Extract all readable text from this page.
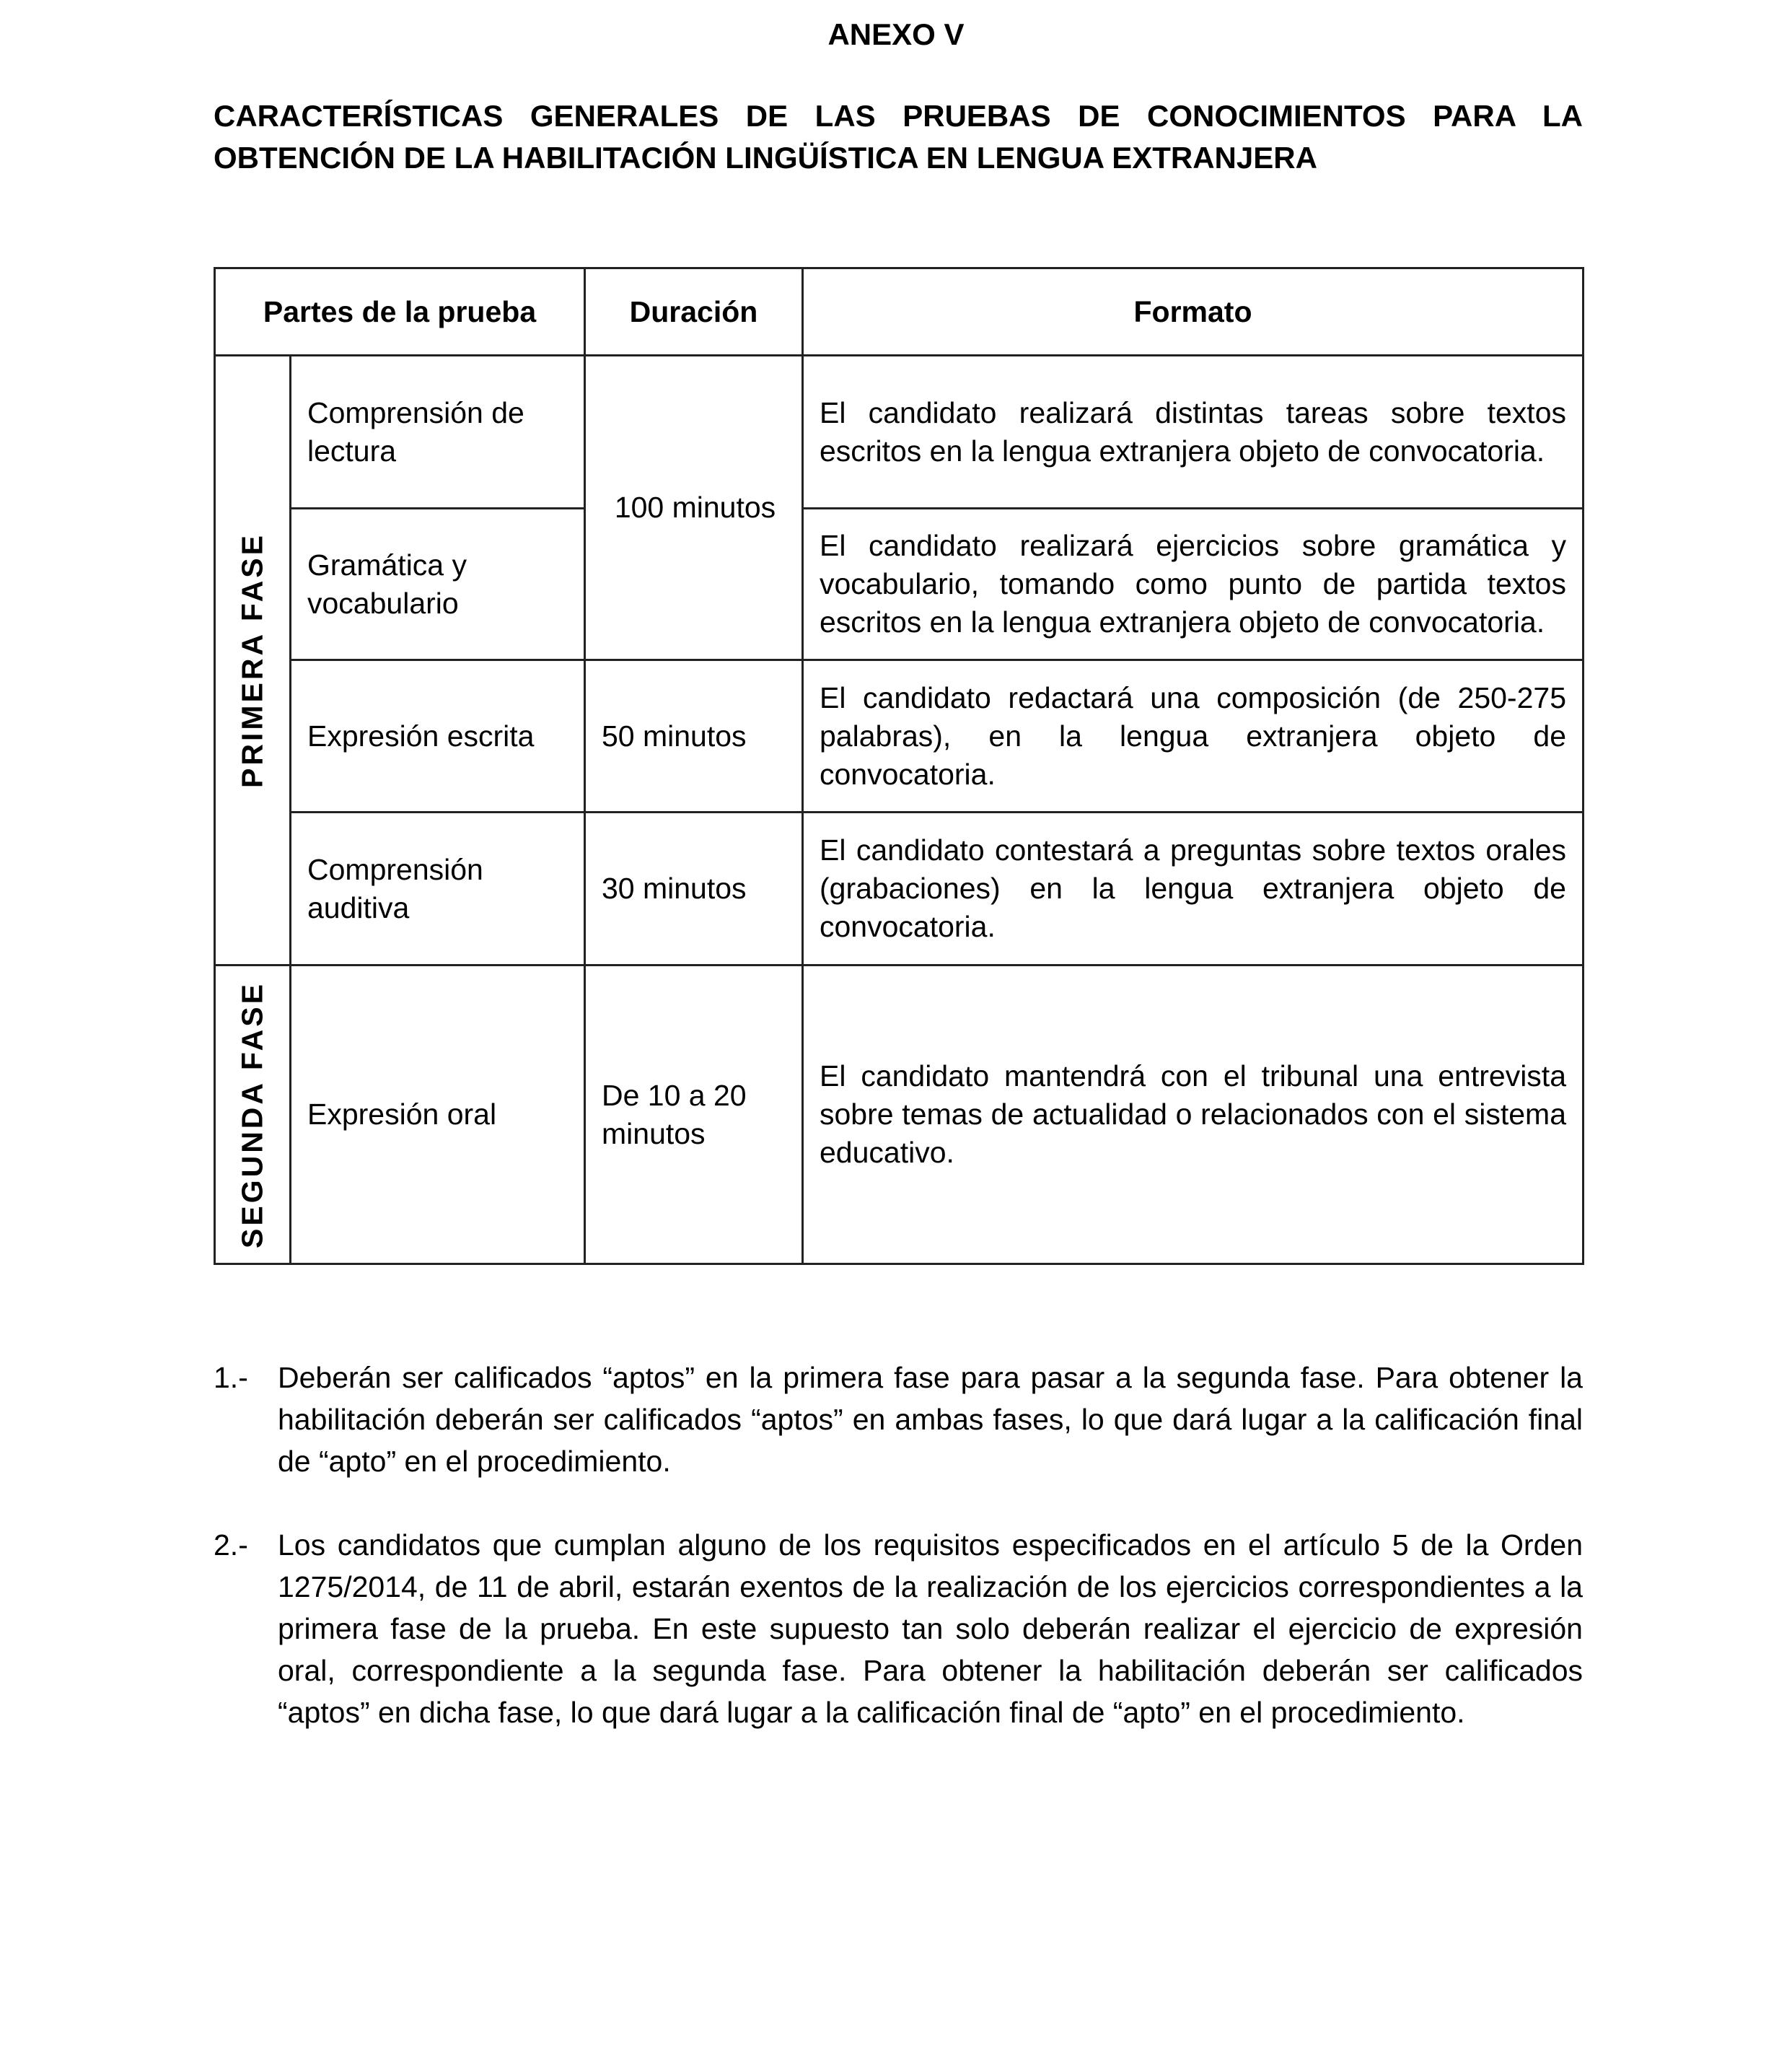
ANEXO V
CARACTERÍSTICAS GENERALES DE LAS PRUEBAS DE CONOCIMIENTOS PARA LA
OBTENCIÓN DE LA HABILITACIÓN LINGÜÍSTICA EN LENGUA EXTRANJERA
Partes de la prueba		Duración	Formato

PRIMERA FASE	Comprensión de lectura	100 minutos	El candidato realizará distintas tareas sobre textos escritos en la lengua extranjera objeto de convocatoria.
	Gramática y vocabulario		El candidato realizará ejercicios sobre gramática y vocabulario, tomando como punto de partida textos escritos en la lengua extranjera objeto de convocatoria.
	Expresión escrita	50 minutos	El candidato redactará una composición (de 250-275 palabras), en la lengua extranjera objeto de convocatoria.
	Comprensión auditiva	30 minutos	El candidato contestará a preguntas sobre textos orales (grabaciones) en la lengua extranjera objeto de convocatoria.

SEGUNDA FASE	Expresión oral	De 10 a 20 minutos	El candidato mantendrá con el tribunal una entrevista sobre temas de actualidad o relacionados con el sistema educativo.
1.-	Deberán ser calificados “aptos” en la primera fase para pasar a la segunda fase. Para obtener la habilitación deberán ser calificados “aptos” en ambas fases, lo que dará lugar a la calificación final de “apto” en el procedimiento.
2.-	Los candidatos que cumplan alguno de los requisitos especificados en el artículo 5 de la Orden 1275/2014, de 11 de abril, estarán exentos de la realización de los ejercicios correspondientes a la primera fase de la prueba. En este supuesto tan solo deberán realizar el ejercicio de expresión oral, correspondiente a la segunda fase. Para obtener la habilitación deberán ser calificados “aptos” en dicha fase, lo que dará lugar a la calificación final de “apto” en el procedimiento.
